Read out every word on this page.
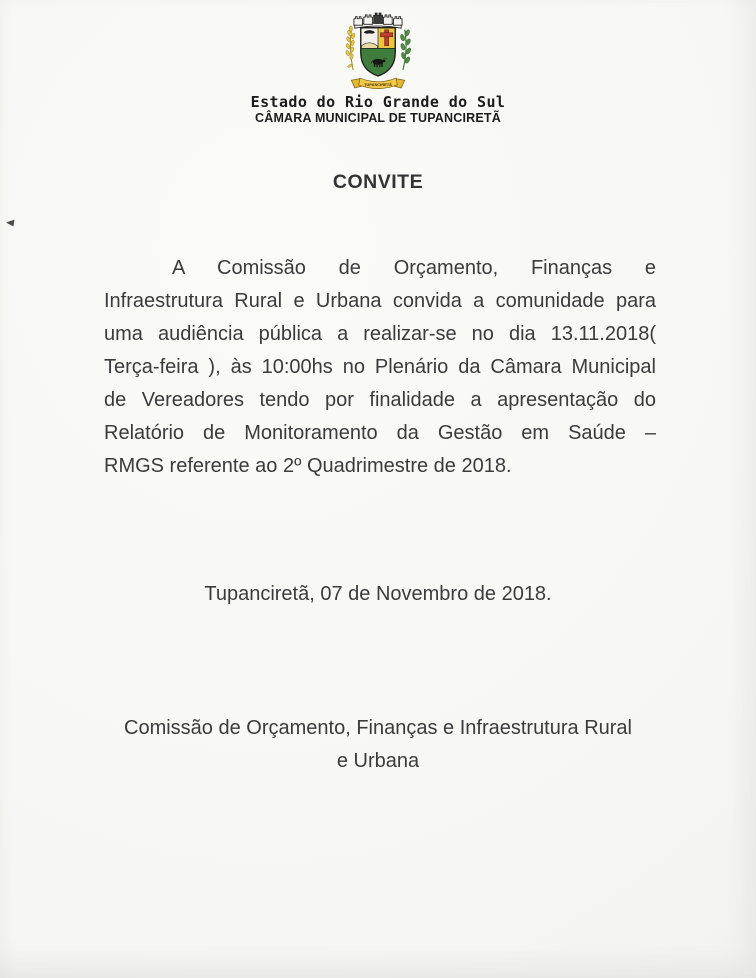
TUPANCIRETÃ
Estado do Rio Grande do Sul
CÂMARA MUNICIPAL DE TUPANCIRETÃ
CONVITE
A Comissão de Orçamento, Finanças e
Infraestrutura Rural e Urbana convida a comunidade para
uma audiência pública a realizar-se no dia 13.11.2018(
Terça-feira ), às 10:00hs no Plenário da Câmara Municipal
de Vereadores tendo por finalidade a apresentação do
Relatório de Monitoramento da Gestão em Saúde –
RMGS referente ao 2º Quadrimestre de 2018.
Tupanciretã, 07 de Novembro de 2018.
Comissão de Orçamento, Finanças e Infraestrutura Rural
e Urbana
